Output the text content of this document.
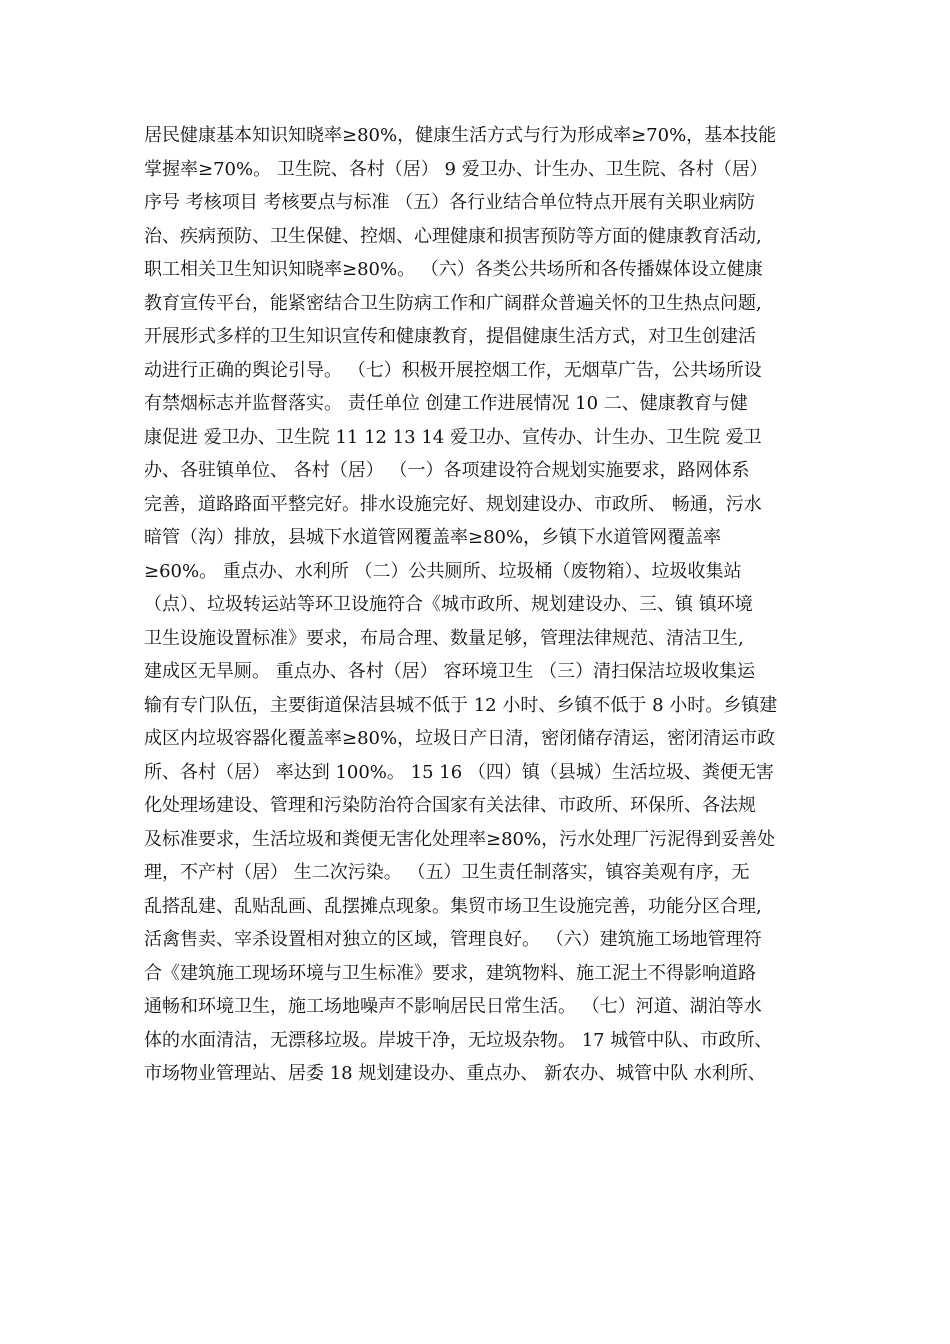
居民健康基本知识知晓率≥80%，健康生活方式与行为形成率≥70%，基本技能
掌握率≥70%。 卫生院、各村（居） 9 爱卫办、计生办、卫生院、各村（居）
序号 考核项目 考核要点与标准 （五）各行业结合单位特点开展有关职业病防
治、疾病预防、卫生保健、控烟、心理健康和损害预防等方面的健康教育活动,
职工相关卫生知识知晓率≥80%。 （六）各类公共场所和各传播媒体设立健康
教育宣传平台，能紧密结合卫生防病工作和广阔群众普遍关怀的卫生热点问题,
开展形式多样的卫生知识宣传和健康教育，提倡健康生活方式，对卫生创建活
动进行正确的舆论引导。 （七）积极开展控烟工作，无烟草广告，公共场所设
有禁烟标志并监督落实。 责任单位 创建工作进展情况 10 二、健康教育与健
康促进 爱卫办、卫生院 11 12 13 14 爱卫办、宣传办、计生办、卫生院 爱卫
办、各驻镇单位、 各村（居） （一）各项建设符合规划实施要求，路网体系
完善，道路路面平整完好。排水设施完好、规划建设办、市政所、 畅通，污水
暗管（沟）排放，县城下水道管网覆盖率≥80%，乡镇下水道管网覆盖率
≥60%。 重点办、水利所 （二）公共厕所、垃圾桶（废物箱）、垃圾收集站
（点）、垃圾转运站等环卫设施符合《城市政所、规划建设办、三、镇 镇环境
卫生设施设置标准》要求，布局合理、数量足够，管理法律规范、清洁卫生,
建成区无旱厕。 重点办、各村（居） 容环境卫生 （三）清扫保洁垃圾收集运
输有专门队伍，主要街道保洁县城不低于 12 小时、乡镇不低于 8 小时。乡镇建
成区内垃圾容器化覆盖率≥80%，垃圾日产日清，密闭储存清运，密闭清运市政
所、各村（居） 率达到 100%。 15 16 （四）镇（县城）生活垃圾、粪便无害
化处理场建设、管理和污染防治符合国家有关法律、市政所、环保所、各法规
及标准要求，生活垃圾和粪便无害化处理率≥80%，污水处理厂污泥得到妥善处
理，不产村（居） 生二次污染。 （五）卫生责任制落实，镇容美观有序，无
乱搭乱建、乱贴乱画、乱摆摊点现象。集贸市场卫生设施完善，功能分区合理,
活禽售卖、宰杀设置相对独立的区域，管理良好。 （六）建筑施工场地管理符
合《建筑施工现场环境与卫生标准》要求，建筑物料、施工泥土不得影响道路
通畅和环境卫生，施工场地噪声不影响居民日常生活。 （七）河道、湖泊等水
体的水面清洁，无漂移垃圾。岸坡干净，无垃圾杂物。 17 城管中队、市政所、
市场物业管理站、居委 18 规划建设办、重点办、 新农办、城管中队 水利所、
